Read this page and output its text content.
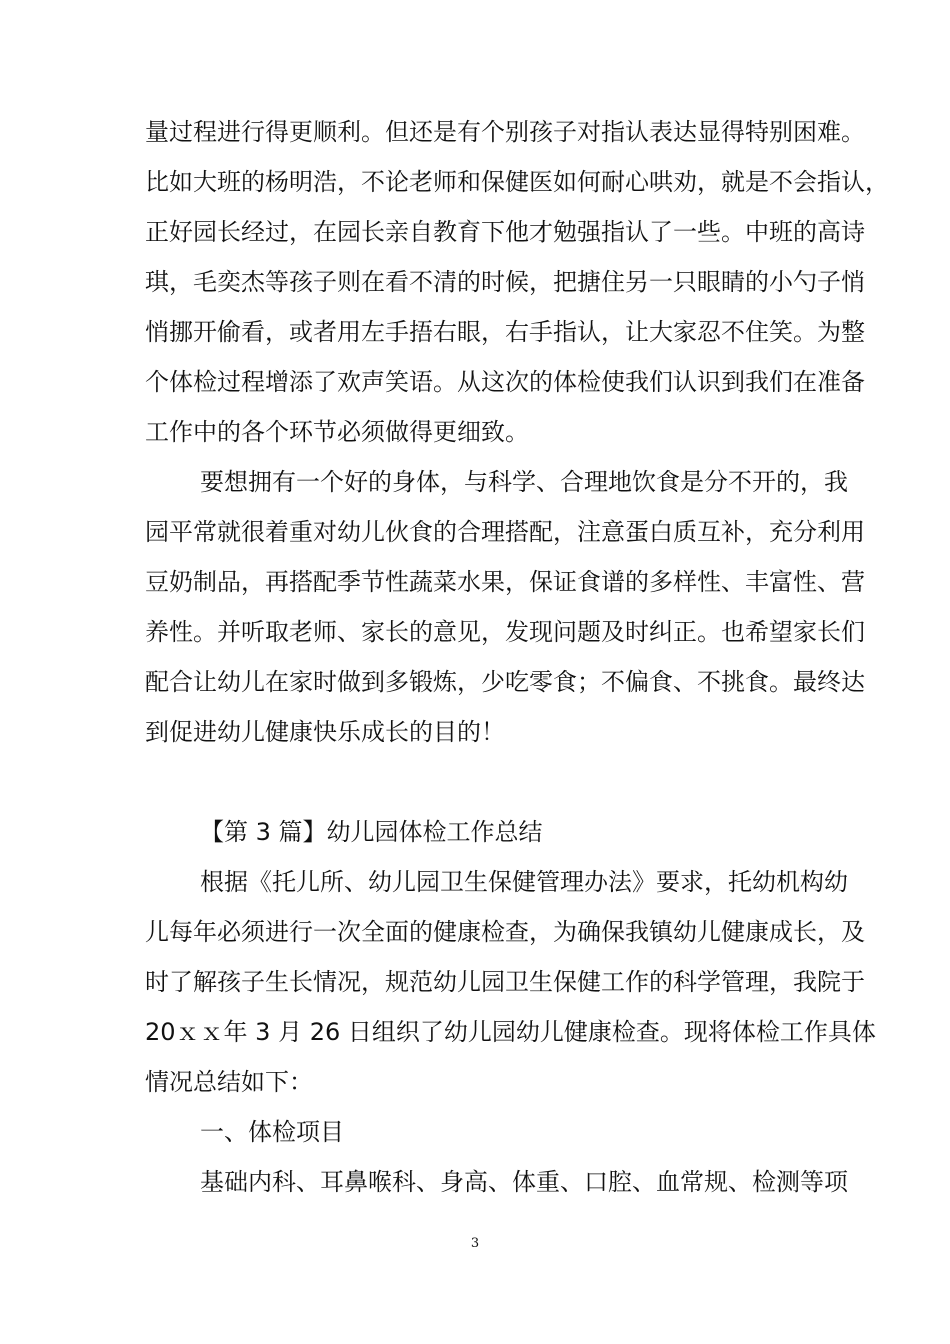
量过程进行得更顺利。但还是有个别孩子对指认表达显得特别困难。
比如大班的杨明浩，不论老师和保健医如何耐心哄劝，就是不会指认，
正好园长经过，在园长亲自教育下他才勉强指认了一些。中班的高诗
琪，毛奕杰等孩子则在看不清的时候，把搪住另一只眼睛的小勺子悄
悄挪开偷看，或者用左手捂右眼，右手指认，让大家忍不住笑。为整
个体检过程增添了欢声笑语。从这次的体检使我们认识到我们在准备
工作中的各个环节必须做得更细致。
要想拥有一个好的身体，与科学、合理地饮食是分不开的，我
园平常就很着重对幼儿伙食的合理搭配，注意蛋白质互补，充分利用
豆奶制品，再搭配季节性蔬菜水果，保证食谱的多样性、丰富性、营
养性。并听取老师、家长的意见，发现问题及时纠正。也希望家长们
配合让幼儿在家时做到多锻炼，少吃零食；不偏食、不挑食。最终达
到促进幼儿健康快乐成长的目的！
【第 3 篇】幼儿园体检工作总结
根据《托儿所、幼儿园卫生保健管理办法》要求，托幼机构幼
儿每年必须进行一次全面的健康检查，为确保我镇幼儿健康成长，及
时了解孩子生长情况，规范幼儿园卫生保健工作的科学管理，我院于
20ｘｘ年 3 月 26 日组织了幼儿园幼儿健康检查。现将体检工作具体
情况总结如下：
一、体检项目
基础内科、耳鼻喉科、身高、体重、口腔、血常规、检测等项
3
